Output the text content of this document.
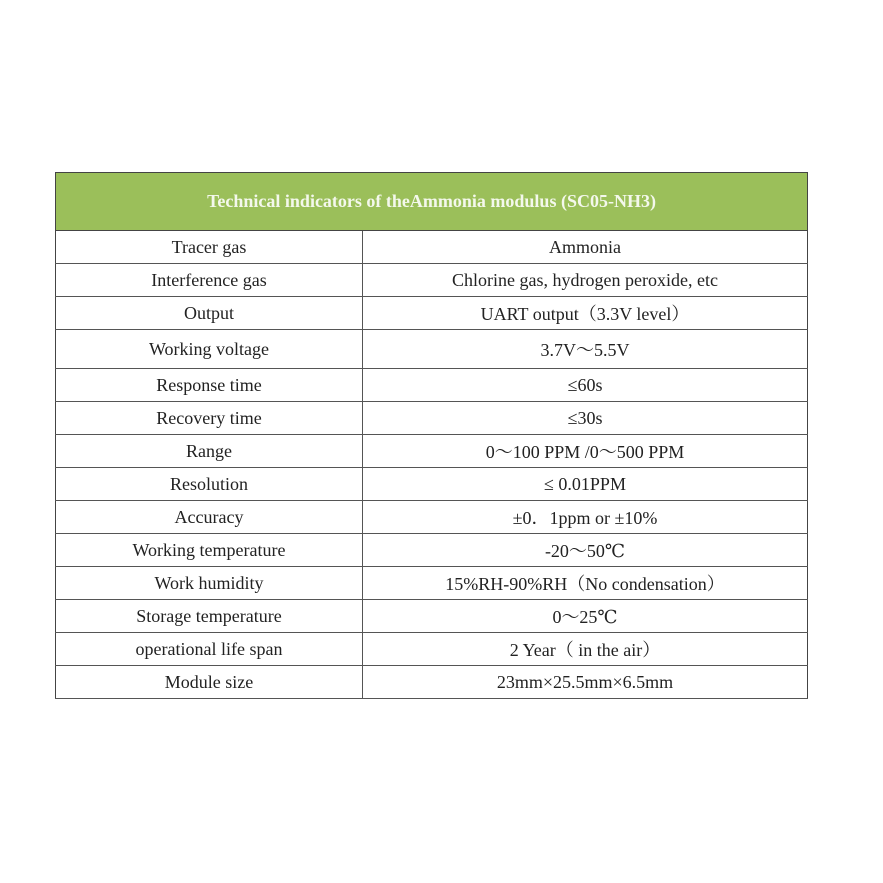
Technical indicators of theAmmonia modulus (SC05-NH3)	
Tracer gas	Ammonia
Interference gas	Chlorine gas, hydrogen peroxide, etc
Output	UART output（3.3V level）
Working voltage	3.7V～5.5V
Response time	≤60s
Recovery time	≤30s
Range	0～100 PPM /0～500 PPM
Resolution	≤ 0.01PPM
Accuracy	±0．1ppm or ±10%
Working temperature	-20～50℃
Work humidity	15%RH-90%RH（No condensation）
Storage temperature	0～25℃
operational life span	2 Year（ in the air）
Module size	23mm×25.5mm×6.5mm
